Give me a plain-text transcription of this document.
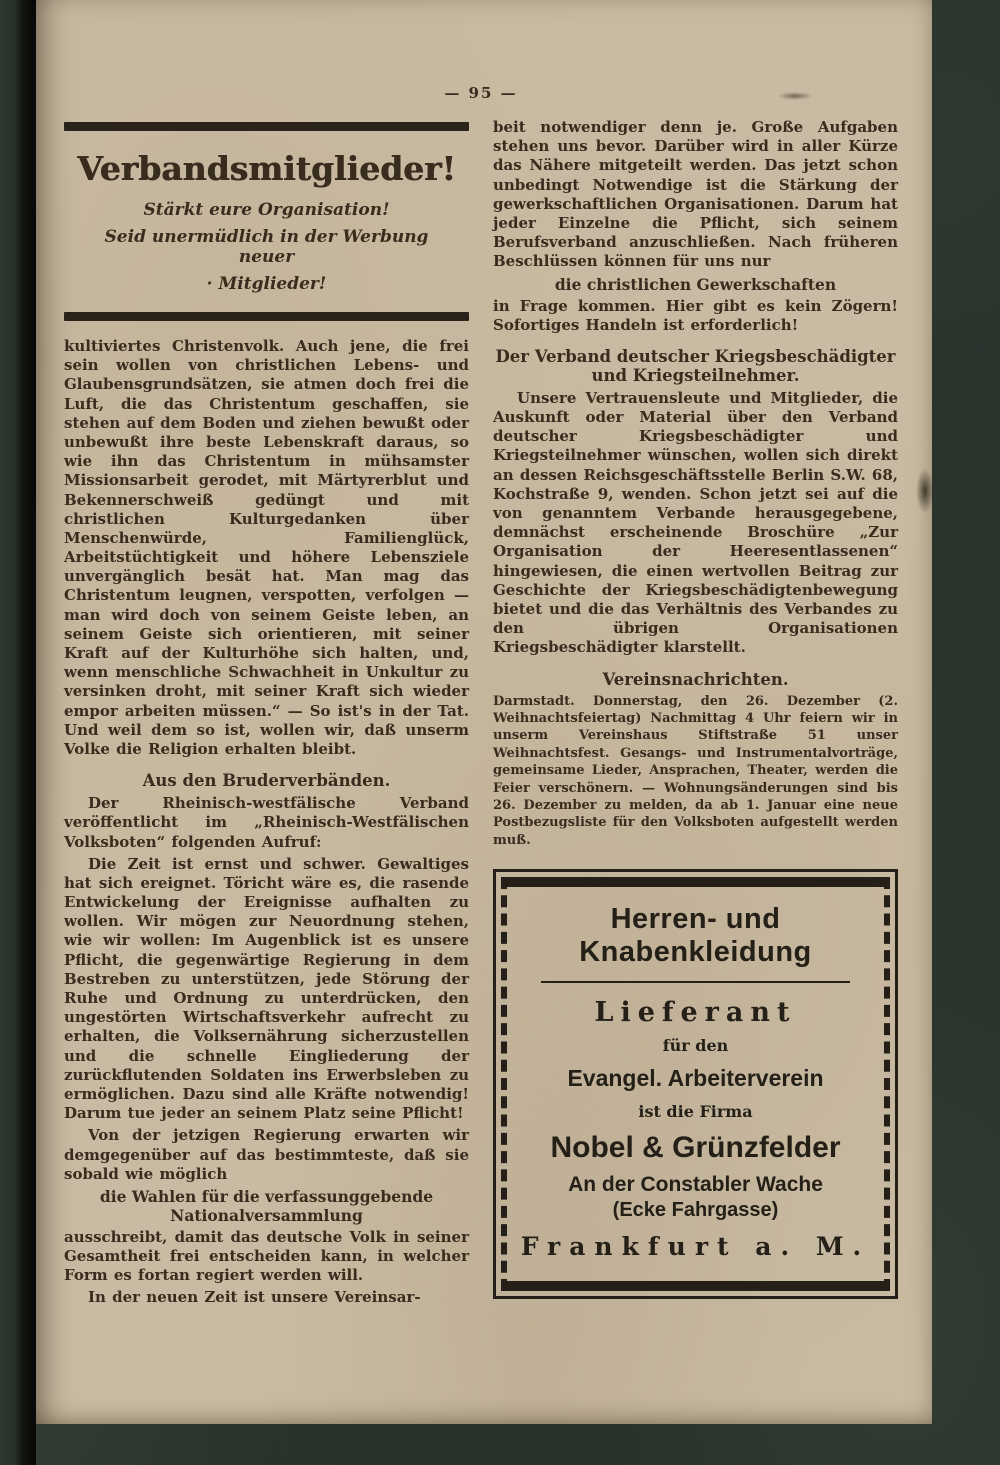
— 95 —
Verbandsmitglieder!
Stärkt eure Organisation!
Seid unermüdlich in der Werbung neuer
· Mitglieder!

kultiviertes Christenvolk. Auch jene, die frei sein wollen von christlichen Lebens- und Glaubensgrundsätzen, sie atmen doch frei die Luft, die das Christentum geschaffen, sie stehen auf dem Boden und ziehen bewußt oder unbewußt ihre beste Lebenskraft daraus, so wie ihn das Christentum in mühsamster Missionsarbeit gerodet, mit Märtyrerblut und Bekennerschweiß gedüngt und mit christlichen Kulturgedanken über Menschenwürde, Familienglück, Arbeitstüchtigkeit und höhere Lebensziele unvergänglich besät hat. Man mag das Christentum leugnen, verspotten, verfolgen — man wird doch von seinem Geiste leben, an seinem Geiste sich orientieren, mit seiner Kraft auf der Kulturhöhe sich halten, und, wenn menschliche Schwachheit in Unkultur zu versinken droht, mit seiner Kraft sich wieder empor arbeiten müssen.“ — So ist's in der Tat. Und weil dem so ist, wollen wir, daß unserm Volke die Religion erhalten bleibt.

Aus den Bruderverbänden.

Der Rheinisch-westfälische Verband veröffentlicht im „Rheinisch-Westfälischen Volksboten“ folgenden Aufruf:

Die Zeit ist ernst und schwer. Gewaltiges hat sich ereignet. Töricht wäre es, die rasende Entwickelung der Ereignisse aufhalten zu wollen. Wir mögen zur Neuordnung stehen, wie wir wollen: Im Augenblick ist es unsere Pflicht, die gegenwärtige Regierung in dem Bestreben zu unterstützen, jede Störung der Ruhe und Ordnung zu unterdrücken, den ungestörten Wirtschaftsverkehr aufrecht zu erhalten, die Volksernährung sicherzustellen und die schnelle Eingliederung der zurückflutenden Soldaten ins Erwerbsleben zu ermöglichen. Dazu sind alle Kräfte notwendig! Darum tue jeder an seinem Platz seine Pflicht!

Von der jetzigen Regierung erwarten wir demgegenüber auf das bestimmteste, daß sie sobald wie möglich

die Wahlen für die verfassunggebende Nationalversammlung

ausschreibt, damit das deutsche Volk in seiner Gesamtheit frei entscheiden kann, in welcher Form es fortan regiert werden will.

In der neuen Zeit ist unsere Vereinsar-

beit notwendiger denn je. Große Aufgaben stehen uns bevor. Darüber wird in aller Kürze das Nähere mitgeteilt werden. Das jetzt schon unbedingt Notwendige ist die Stärkung der gewerkschaftlichen Organisationen. Darum hat jeder Einzelne die Pflicht, sich seinem Berufsverband anzuschließen. Nach früheren Beschlüssen können für uns nur

die christlichen Gewerkschaften

in Frage kommen. Hier gibt es kein Zögern! Sofortiges Handeln ist erforderlich!

Der Verband deutscher Kriegsbeschädigter und Kriegsteilnehmer.

Unsere Vertrauensleute und Mitglieder, die Auskunft oder Material über den Verband deutscher Kriegsbeschädigter und Kriegsteilnehmer wünschen, wollen sich direkt an dessen Reichsgeschäftsstelle Berlin S.W. 68, Kochstraße 9, wenden. Schon jetzt sei auf die von genanntem Verbande herausgegebene, demnächst erscheinende Broschüre „Zur Organisation der Heeresentlassenen“ hingewiesen, die einen wertvollen Beitrag zur Geschichte der Kriegsbeschädigtenbewegung bietet und die das Verhältnis des Verbandes zu den übrigen Organisationen Kriegsbeschädigter klarstellt.

Vereinsnachrichten.

Darmstadt. Donnerstag, den 26. Dezember (2. Weihnachtsfeiertag) Nachmittag 4 Uhr feiern wir in unserm Vereinshaus Stiftstraße 51 unser Weihnachtsfest. Gesangs- und Instrumentalvorträge, gemeinsame Lieder, Ansprachen, Theater, werden die Feier verschönern. — Wohnungsänderungen sind bis 26. Dezember zu melden, da ab 1. Januar eine neue Postbezugsliste für den Volksboten aufgestellt werden muß.

Herren- und Knabenkleidung
Lieferant
für den
Evangel. Arbeiterverein
ist die Firma
Nobel & Grünzfelder
An der Constabler Wache
(Ecke Fahrgasse)
Frankfurt a. M.
